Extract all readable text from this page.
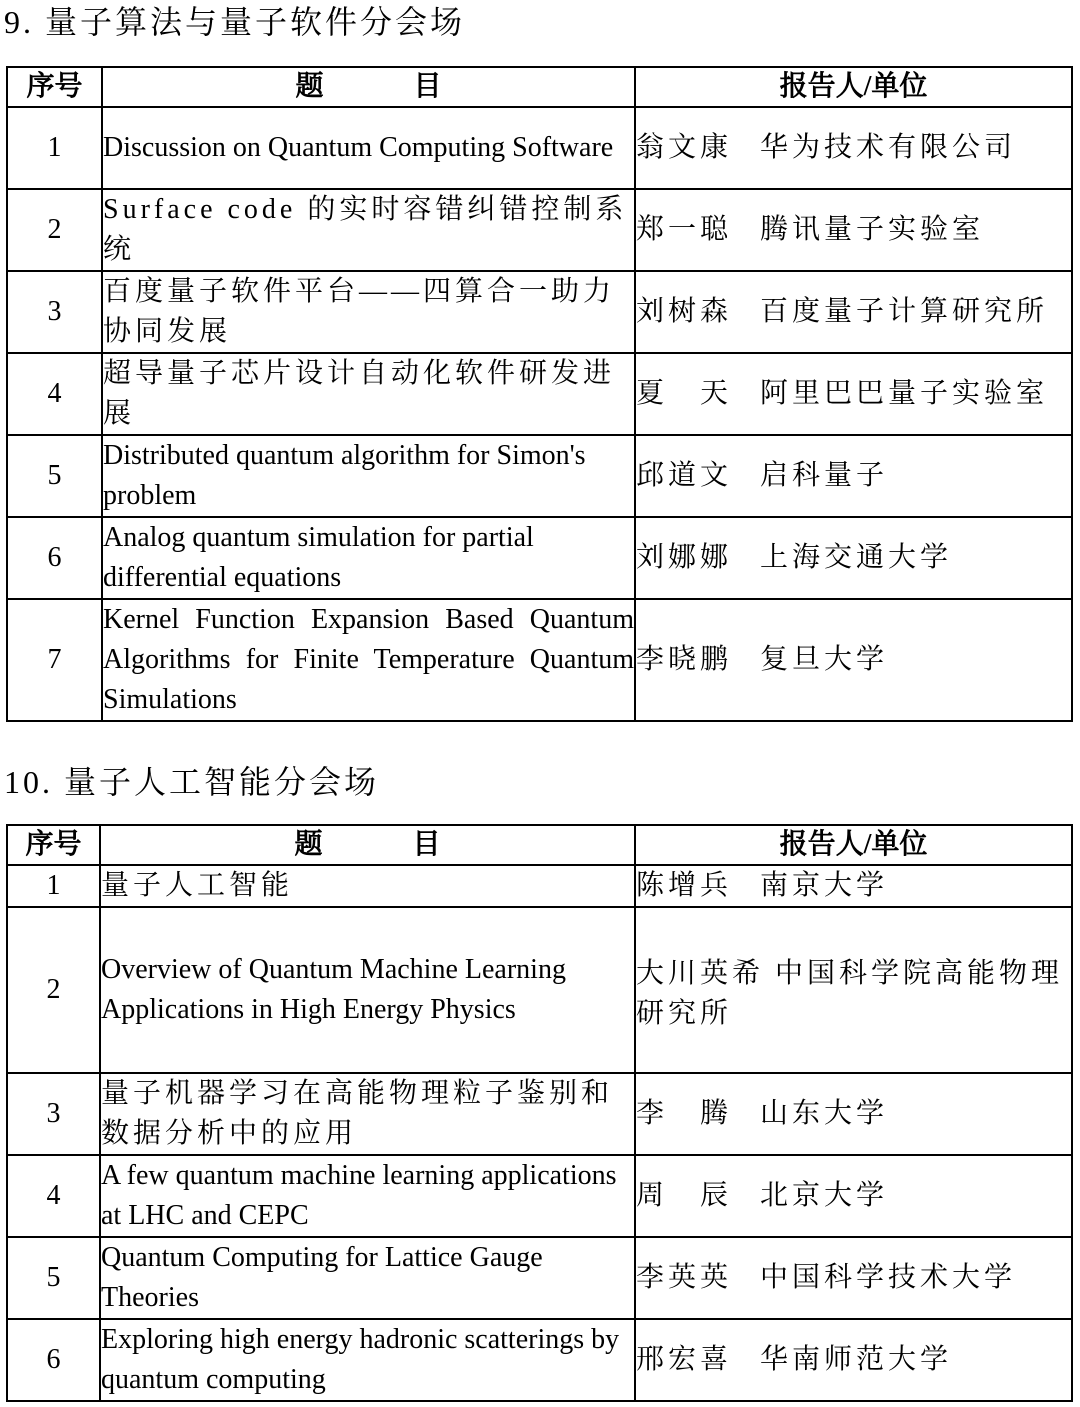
9. 量子算法与量子软件分会场
序号	题 目	报告人/单位
1	Discussion on Quantum Computing Software	翁文康 华为技术有限公司
2	Surface code 的实时容错纠错控制系统	郑一聪 腾讯量子实验室
3	百度量子软件平台——四算合一助力协同发展	刘树森 百度量子计算研究所
4	超导量子芯片设计自动化软件研发进展	夏　天 阿里巴巴量子实验室
5	Distributed quantum algorithm for Simon's problem	邱道文 启科量子
6	Analog quantum simulation for partial differential equations	刘娜娜 上海交通大学
7	Kernel Function Expansion Based Quantum Algorithms for Finite Temperature Quantum Simulations	李晓鹏 复旦大学
10. 量子人工智能分会场
序号	题 目	报告人/单位
1	量子人工智能	陈增兵 南京大学
2	Overview of Quantum Machine Learning Applications in High Energy Physics	大川英希 中国科学院高能物理研究所

3	量子机器学习在高能物理粒子鉴别和数据分析中的应用	李　腾 山东大学
4	A few quantum machine learning applications at LHC and CEPC	周　辰 北京大学
5	Quantum Computing for Lattice Gauge Theories	李英英 中国科学技术大学
6	Exploring high energy hadronic scatterings by quantum computing	邢宏喜 华南师范大学
